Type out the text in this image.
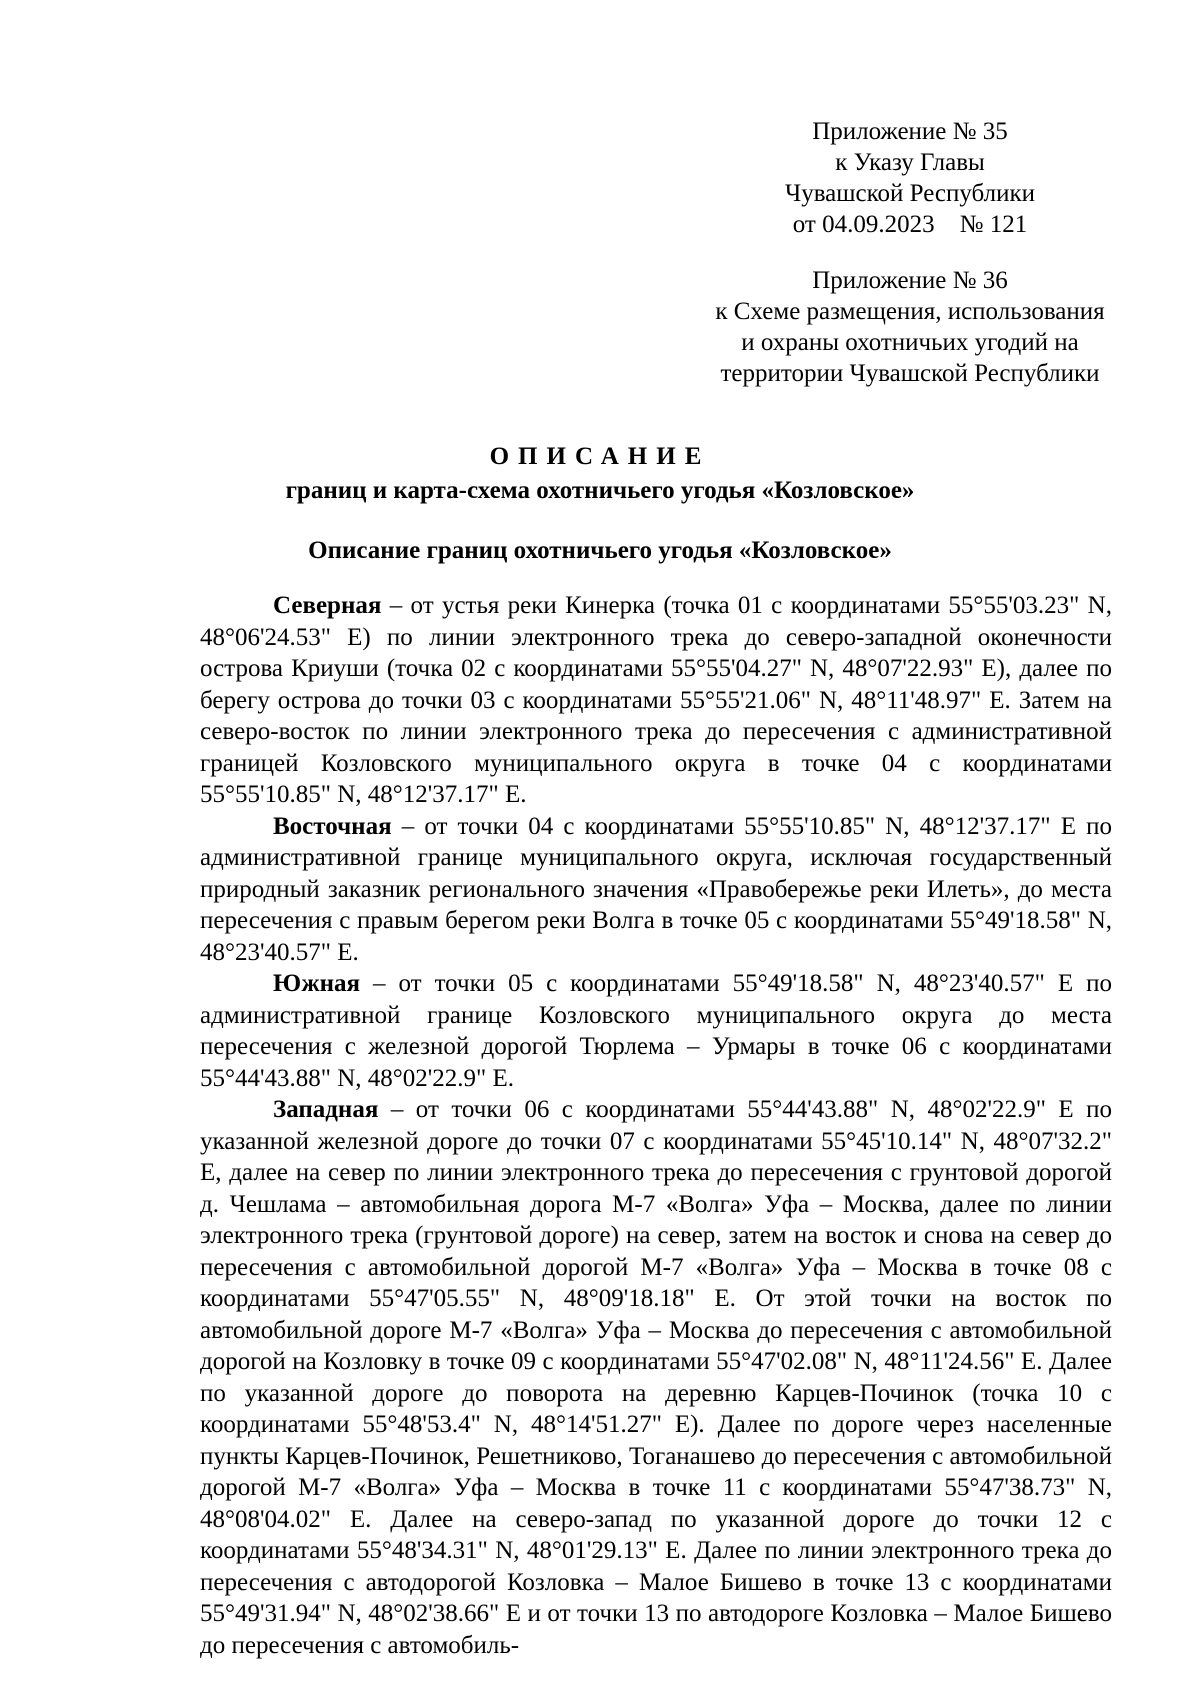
Приложение № 35

к Указу Главы

Чувашской Республики

от 04.09.2023    № 121

Приложение № 36

к Схеме размещения, использования

и охраны охотничьих угодий на

территории Чувашской Республики

ОПИСАНИЕ

границ и карта-схема охотничьего угодья «Козловское»

Описание границ охотничьего угодья «Козловское»

Северная – от устья реки Кинерка (точка 01 с координатами 55°55'03.23" N, 48°06'24.53" E) по линии электронного трека до северо-западной оконечности острова Криуши (точка 02 с координатами 55°55'04.27" N, 48°07'22.93" E), далее по берегу острова до точки 03 с координатами 55°55'21.06" N, 48°11'48.97" E. Затем на северо-восток по линии электронного трека до пересечения с административной границей Козловского муниципального округа в точке 04 с координатами 55°55'10.85" N, 48°12'37.17" E.

Восточная – от точки 04 с координатами 55°55'10.85" N, 48°12'37.17" E по административной границе муниципального округа, исключая государственный природный заказник регионального значения «Правобережье реки Илеть», до места пересечения с правым берегом реки Волга в точке 05 с координатами 55°49'18.58" N, 48°23'40.57" E.

Южная – от точки 05 с координатами 55°49'18.58" N, 48°23'40.57" E по административной границе Козловского муниципального округа до места пересечения с железной дорогой Тюрлема – Урмары в точке 06 с координатами 55°44'43.88" N, 48°02'22.9" E.

Западная – от точки 06 с координатами 55°44'43.88" N, 48°02'22.9" E по указанной железной дороге до точки 07 с координатами 55°45'10.14" N, 48°07'32.2" E, далее на север по линии электронного трека до пересечения с грунтовой дорогой д. Чешлама – автомобильная дорога М-7 «Волга» Уфа – Москва, далее по линии электронного трека (грунтовой дороге) на север, затем на восток и снова на север до пересечения с автомобильной дорогой М-7 «Волга» Уфа – Москва в точке 08 с координатами 55°47'05.55" N, 48°09'18.18" E. От этой точки на восток по автомобильной дороге М-7 «Волга» Уфа – Москва до пересечения с автомобильной дорогой на Козловку в точке 09 с координатами 55°47'02.08" N, 48°11'24.56" E. Далее по указанной дороге до поворота на деревню Карцев-Починок (точка 10 с координатами 55°48'53.4" N, 48°14'51.27" E). Далее по дороге через населенные пункты Карцев-Починок, Решетниково, Тоганашево до пересечения с автомобильной дорогой М-7 «Волга» Уфа – Москва в точке 11 с координатами 55°47'38.73" N, 48°08'04.02" E. Далее на северо-запад по указанной дороге до точки 12 с координатами 55°48'34.31" N, 48°01'29.13" E. Далее по линии электронного трека до пересечения с автодорогой Козловка – Малое Бишево в точке 13 с координатами 55°49'31.94" N, 48°02'38.66" E и от точки 13 по автодороге Козловка – Малое Бишево до пересечения с автомобиль-
